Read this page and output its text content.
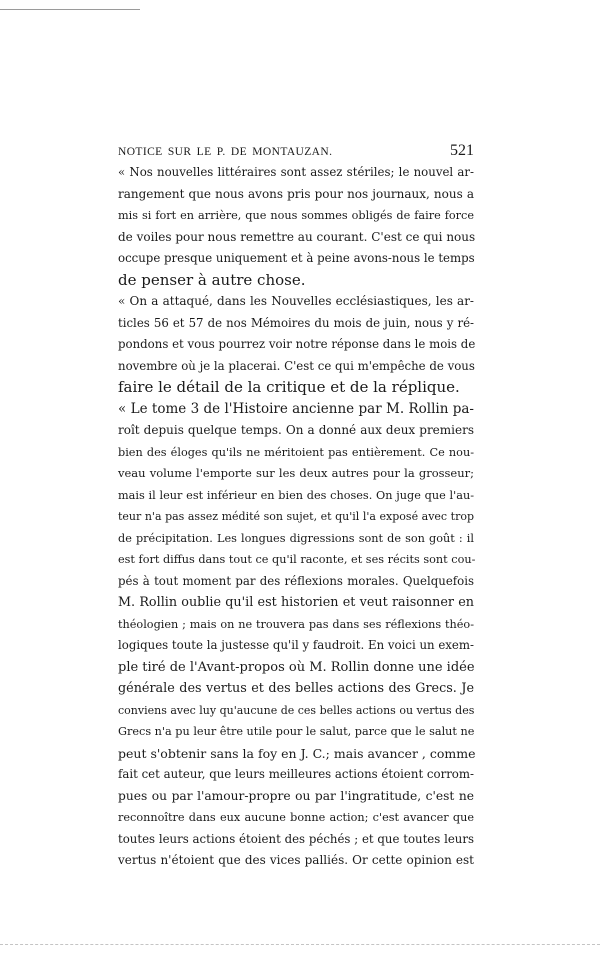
NOTICE SUR LE P. DE MONTAUZAN.	521
« Nos nouvelles littéraires sont assez stériles; le nouvel ar-
rangement que nous avons pris pour nos journaux, nous a
mis si fort en arrière, que nous sommes obligés de faire force
de voiles pour nous remettre au courant. C'est ce qui nous
occupe presque uniquement et à peine avons-nous le temps
de penser à autre chose.
« On a attaqué, dans les Nouvelles ecclésiastiques, les ar-
ticles 56 et 57 de nos Mémoires du mois de juin, nous y ré-
pondons et vous pourrez voir notre réponse dans le mois de
novembre où je la placerai. C'est ce qui m'empêche de vous
faire le détail de la critique et de la réplique.
« Le tome 3 de l'Histoire ancienne par M. Rollin pa-
roît depuis quelque temps. On a donné aux deux premiers
bien des éloges qu'ils ne méritoient pas entièrement. Ce nou-
veau volume l'emporte sur les deux autres pour la grosseur;
mais il leur est inférieur en bien des choses. On juge que l'au-
teur n'a pas assez médité son sujet, et qu'il l'a exposé avec trop
de précipitation. Les longues digressions sont de son goût : il
est fort diffus dans tout ce qu'il raconte, et ses récits sont cou-
pés à tout moment par des réflexions morales. Quelquefois
M. Rollin oublie qu'il est historien et veut raisonner en
théologien ; mais on ne trouvera pas dans ses réflexions théo-
logiques toute la justesse qu'il y faudroit. En voici un exem-
ple tiré de l'Avant-propos où M. Rollin donne une idée
générale des vertus et des belles actions des Grecs. Je
conviens avec luy qu'aucune de ces belles actions ou vertus des
Grecs n'a pu leur être utile pour le salut, parce que le salut ne
peut s'obtenir sans la foy en J. C.; mais avancer , comme
fait cet auteur, que leurs meilleures actions étoient corrom-
pues ou par l'amour-propre ou par l'ingratitude, c'est ne
reconnoître dans eux aucune bonne action; c'est avancer que
toutes leurs actions étoient des péchés ; et que toutes leurs
vertus n'étoient que des vices palliés. Or cette opinion est
